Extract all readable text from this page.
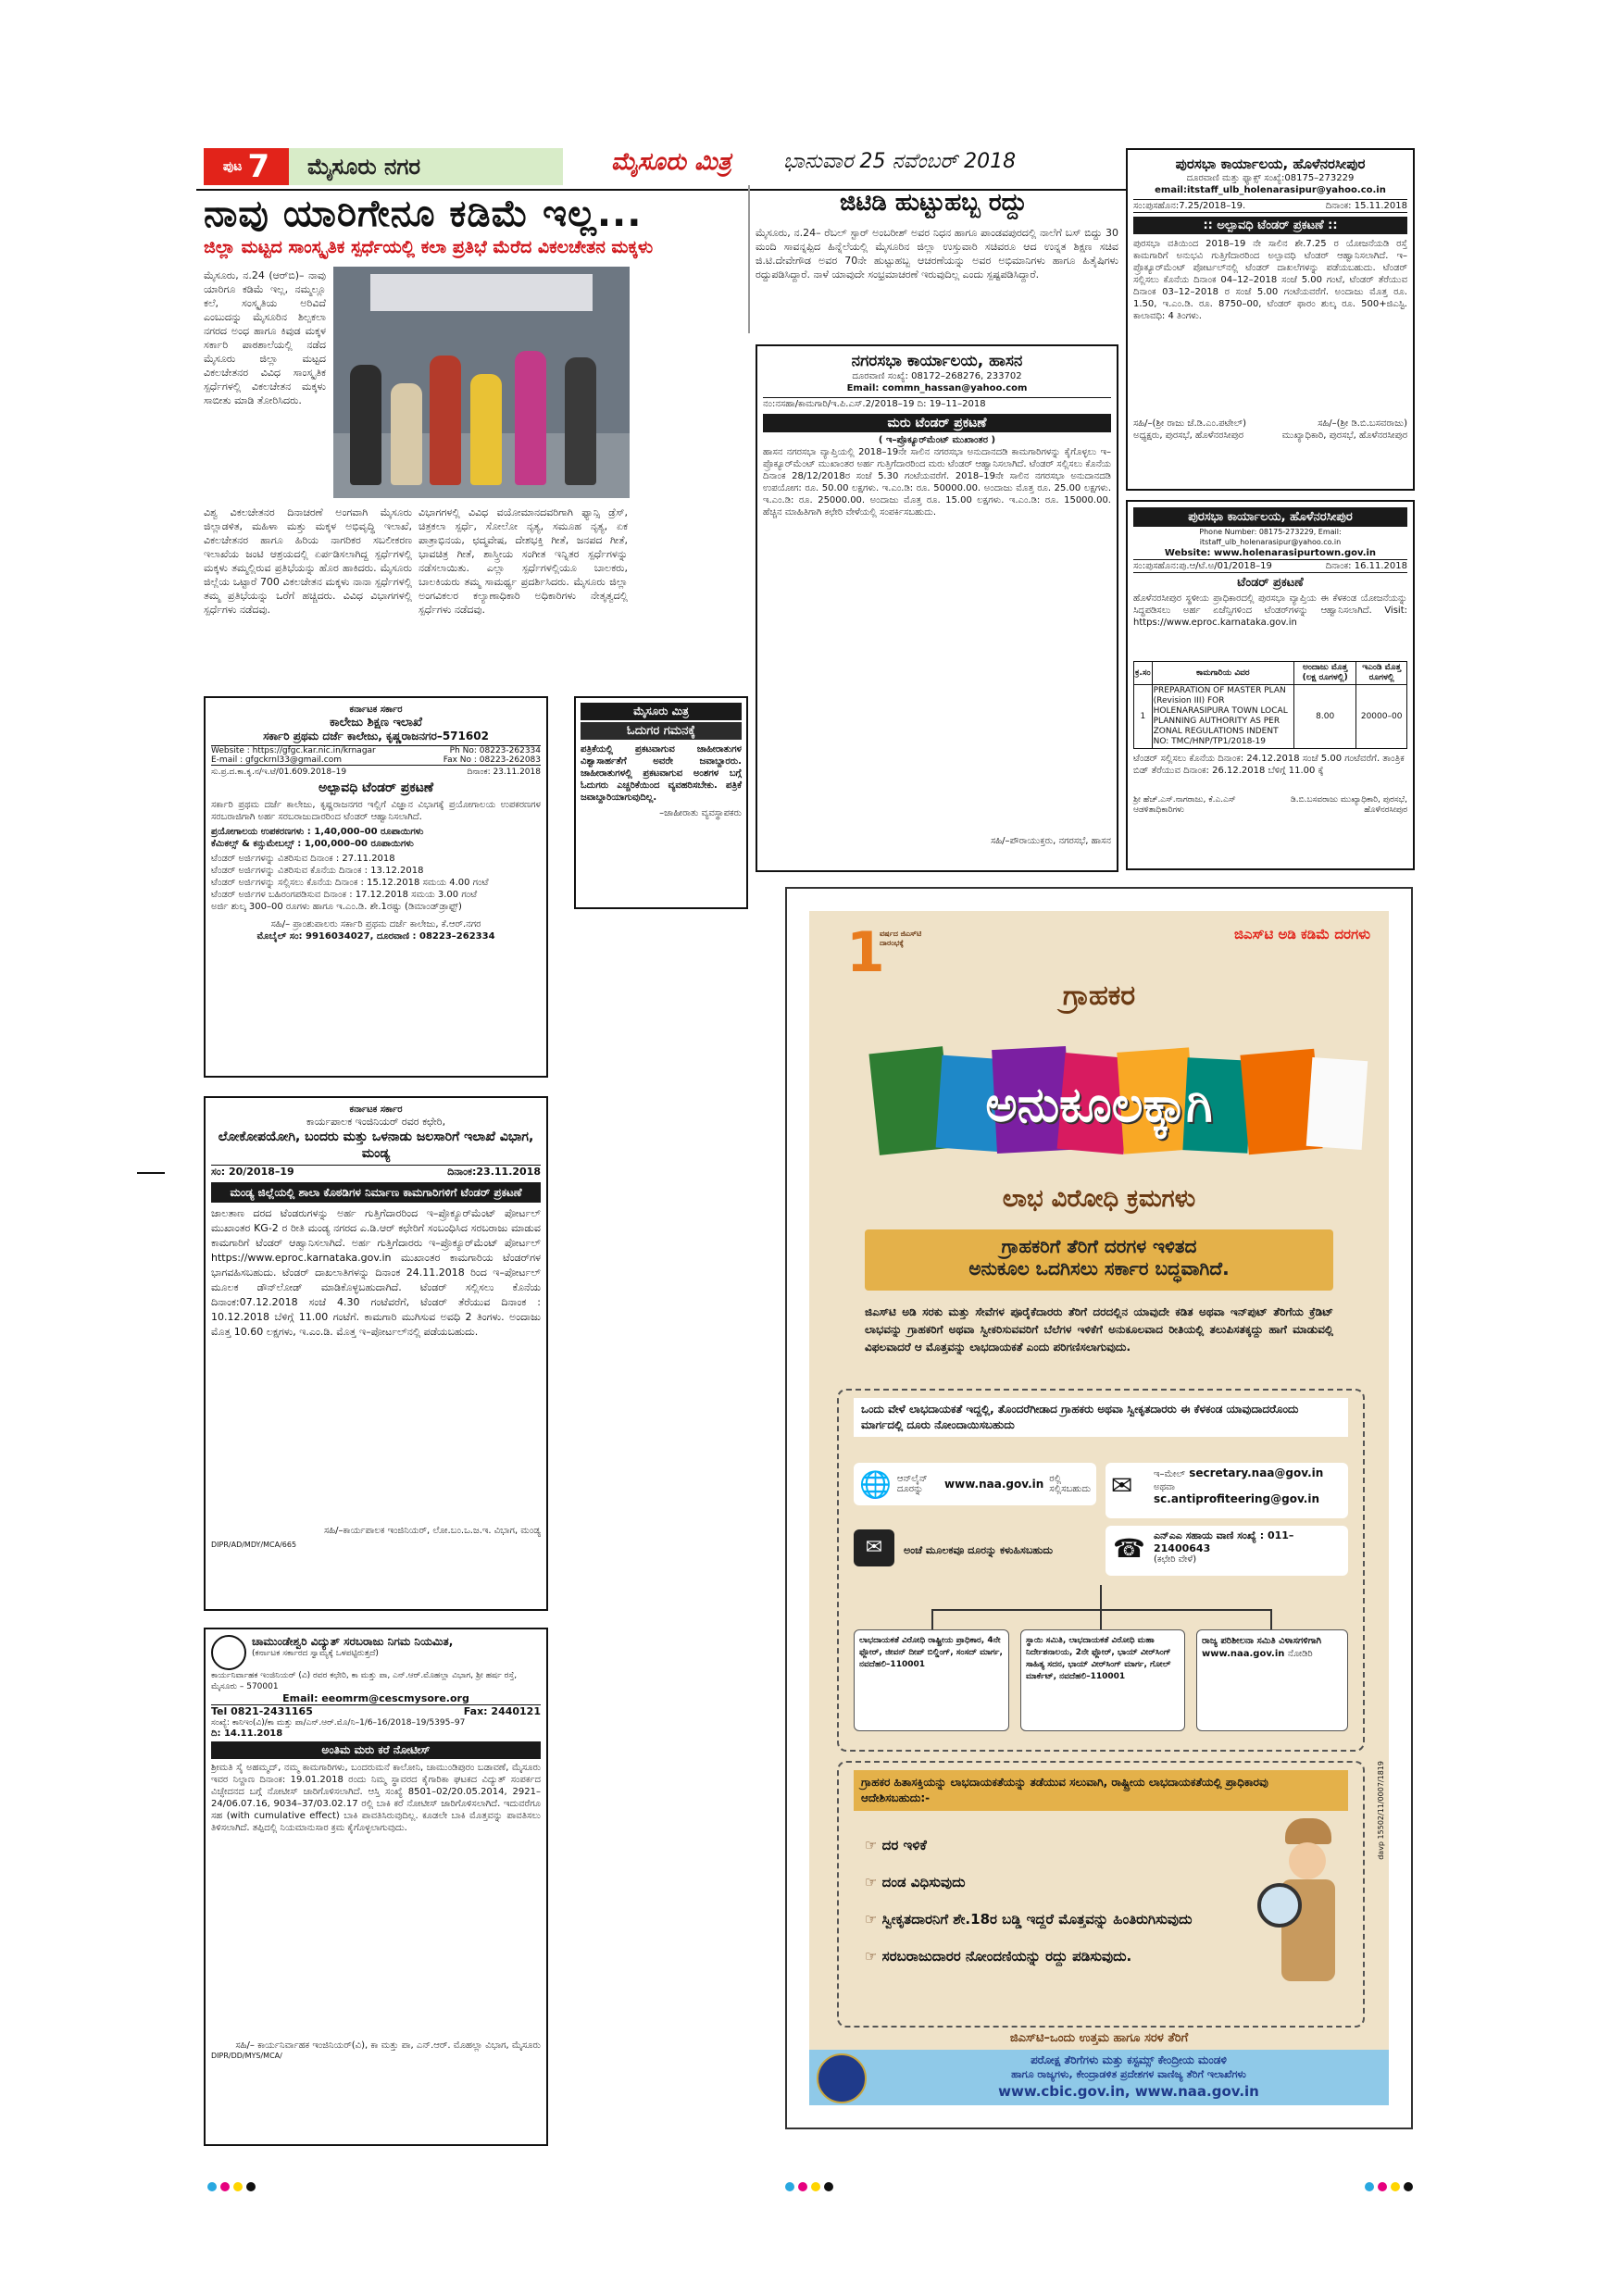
ಪುಟ 7	ಮೈಸೂರು ನಗರ	ಮೈಸೂರು ಮಿತ್ರ	ಭಾನುವಾರ 25 ನವೆಂಬರ್ 2018
ನಾವು ಯಾರಿಗೇನೂ ಕಡಿಮೆ ಇಲ್ಲ...
ಜಿಲ್ಲಾ ಮಟ್ಟದ ಸಾಂಸ್ಕೃತಿಕ ಸ್ಪರ್ಧೆಯಲ್ಲಿ ಕಲಾ ಪ್ರತಿಭೆ ಮೆರೆದ ವಿಕಲಚೇತನ ಮಕ್ಕಳು
ಮೈಸೂರು, ನ.24 (ಆರ್‌ಬಿ)– ನಾವು ಯಾರಿಗೂ ಕಡಿಮೆ ಇಲ್ಲ, ನಮ್ಮಲ್ಲೂ ಕಲೆ, ಸಂಸ್ಕೃತಿಯ ಅರಿವಿದೆ ಎಂಬುದನ್ನು ಮೈಸೂರಿನ ಶಿಲ್ಪಕಲಾ ನಗರದ ಅಂಧ ಹಾಗೂ ಕಿವುಡ ಮಕ್ಕಳ ಸರ್ಕಾರಿ ಪಾಠಶಾಲೆಯಲ್ಲಿ ನಡೆದ ಮೈಸೂರು ಜಿಲ್ಲಾ ಮಟ್ಟದ ವಿಕಲಚೇತನರ ವಿವಿಧ ಸಾಂಸ್ಕೃತಿಕ ಸ್ಪರ್ಧೆಗಳಲ್ಲಿ ವಿಕಲಚೇತನ ಮಕ್ಕಳು ಸಾಬೀತು ಮಾಡಿ ತೋರಿಸಿದರು.
ವಿಶ್ವ ವಿಕಲಚೇತನರ ದಿನಾಚರಣೆ ಅಂಗವಾಗಿ ಮೈಸೂರು ಜಿಲ್ಲಾಡಳಿತ, ಮಹಿಳಾ ಮತ್ತು ಮಕ್ಕಳ ಅಭಿವೃದ್ಧಿ ಇಲಾಖೆ, ವಿಕಲಚೇತನರ ಹಾಗೂ ಹಿರಿಯ ನಾಗರಿಕರ ಸಬಲೀಕರಣ ಇಲಾಖೆಯ ಜಂಟಿ ಆಶ್ರಯದಲ್ಲಿ ಏರ್ಪಡಿಸಲಾಗಿದ್ದ ಸ್ಪರ್ಧೆಗಳಲ್ಲಿ ಮಕ್ಕಳು ತಮ್ಮಲ್ಲಿರುವ ಪ್ರತಿಭೆಯನ್ನು ಹೊರ ಹಾಕಿದರು. ಮೈಸೂರು ಜಿಲ್ಲೆಯ ಒಟ್ಟಾರೆ 700 ವಿಕಲಚೇತನ ಮಕ್ಕಳು ನಾನಾ ಸ್ಪರ್ಧೆಗಳಲ್ಲಿ ತಮ್ಮ ಪ್ರತಿಭೆಯನ್ನು ಒರೆಗೆ ಹಚ್ಚಿದರು. ವಿವಿಧ ವಿಭಾಗಗಳಲ್ಲಿ ಸ್ಪರ್ಧೆಗಳು ನಡೆದವು.
ವಿಭಾಗಗಳಲ್ಲಿ ವಿವಿಧ ವಯೋಮಾನದವರಿಗಾಗಿ ಫ್ಯಾನ್ಸಿ ಡ್ರೆಸ್, ಚಿತ್ರಕಲಾ ಸ್ಪರ್ಧೆ, ಸೋಲೋ ನೃತ್ಯ, ಸಮೂಹ ನೃತ್ಯ, ಏಕ ಪಾತ್ರಾಭಿನಯ, ಛದ್ಮವೇಷ, ದೇಶಭಕ್ತಿ ಗೀತೆ, ಜನಪದ ಗೀತೆ, ಭಾವಚಿತ್ರ ಗೀತೆ, ಶಾಸ್ತ್ರೀಯ ಸಂಗೀತ ಇನ್ನಿತರ ಸ್ಪರ್ಧೆಗಳನ್ನು ನಡೆಸಲಾಯಿತು. ಎಲ್ಲಾ ಸ್ಪರ್ಧೆಗಳಲ್ಲಿಯೂ ಬಾಲಕರು, ಬಾಲಕಿಯರು ತಮ್ಮ ಸಾಮರ್ಥ್ಯ ಪ್ರದರ್ಶಿಸಿದರು. ಮೈಸೂರು ಜಿಲ್ಲಾ ಅಂಗವಿಕಲರ ಕಲ್ಯಾಣಾಧಿಕಾರಿ ಅಧಿಕಾರಿಗಳು ನೇತೃತ್ವದಲ್ಲಿ ಸ್ಪರ್ಧೆಗಳು ನಡೆದವು.
ಜಿಟಿಡಿ ಹುಟ್ಟುಹಬ್ಬ ರದ್ದು
ಮೈಸೂರು, ನ.24– ರೆಬಲ್ ಸ್ಟಾರ್ ಅಂಬರೀಶ್ ಅವರ ನಿಧನ ಹಾಗೂ ಪಾಂಡವಪುರದಲ್ಲಿ ನಾಲೆಗೆ ಬಸ್ ಬಿದ್ದು 30 ಮಂದಿ ಸಾವನ್ನಪ್ಪಿದ ಹಿನ್ನೆಲೆಯಲ್ಲಿ ಮೈಸೂರಿನ ಜಿಲ್ಲಾ ಉಸ್ತುವಾರಿ ಸಚಿವರೂ ಆದ ಉನ್ನತ ಶಿಕ್ಷಣ ಸಚಿವ ಜಿ.ಟಿ.ದೇವೇಗೌಡ ಅವರ 70ನೇ ಹುಟ್ಟುಹಬ್ಬ ಆಚರಣೆಯನ್ನು ಅವರ ಅಭಿಮಾನಿಗಳು ಹಾಗೂ ಹಿತೈಷಿಗಳು ರದ್ದುಪಡಿಸಿದ್ದಾರೆ. ನಾಳೆ ಯಾವುದೇ ಸಂಭ್ರಮಾಚರಣೆ ಇರುವುದಿಲ್ಲ ಎಂದು ಸ್ಪಷ್ಟಪಡಿಸಿದ್ದಾರೆ.
ಪುರಸಭಾ ಕಾರ್ಯಾಲಯ, ಹೊಳೆನರಸೀಪುರ
ದೂರವಾಣಿ ಮತ್ತು ಫ್ಯಾಕ್ಸ್ ಸಂಖ್ಯೆ:08175–273229
email:itstaff_ulb_holenarasipur@yahoo.co.in
ಸಂ:ಪುಸಹೊನ:7.25/2018–19.	ದಿನಾಂಕ: 15.11.2018
:: ಅಲ್ಪಾವಧಿ ಟೆಂಡರ್ ಪ್ರಕಟಣೆ ::
ಪುರಸಭಾ ವತಿಯಿಂದ 2018–19 ನೇ ಸಾಲಿನ ಶೇ.7.25 ರ ಯೋಜನೆಯಡಿ ರಸ್ತೆ ಕಾಮಗಾರಿಗೆ ಅನುಭವಿ ಗುತ್ತಿಗೆದಾರರಿಂದ ಅಲ್ಪಾವಧಿ ಟೆಂಡರ್ ಆಹ್ವಾನಿಸಲಾಗಿದೆ. ಇ–ಪ್ರೊಕ್ಯೂರ್‌ಮೆಂಟ್ ಪೋರ್ಟಲ್‌ನಲ್ಲಿ ಟೆಂಡರ್ ದಾಖಲೆಗಳನ್ನು ಪಡೆಯಬಹುದು. ಟೆಂಡರ್ ಸಲ್ಲಿಸಲು ಕೊನೆಯ ದಿನಾಂಕ 04–12–2018 ಸಂಜೆ 5.00 ಗಂಟೆ, ಟೆಂಡರ್ ತೆರೆಯುವ ದಿನಾಂಕ 03–12–2018 ರ ಸಂಜೆ 5.00 ಗಂಟೆಯವರೆಗೆ. ಅಂದಾಜು ಮೊತ್ತ ರೂ. 1.50, ಇ.ಎಂ.ಡಿ. ರೂ. 8750–00, ಟೆಂಡರ್ ಫಾರಂ ಶುಲ್ಕ ರೂ. 500+ಜಿಎಸ್ಟಿ. ಕಾಲಾವಧಿ: 4 ತಿಂಗಳು.
ಸಹಿ/–(ಶ್ರೀ ರಾಜು ಜೆ.ಡಿ.ಎಂ.ಪಟೇಲ್) ಅಧ್ಯಕ್ಷರು, ಪುರಸಭೆ, ಹೊಳೆನರಸೀಪುರ
ಸಹಿ/–(ಶ್ರೀ ಡಿ.ಬಿ.ಬಸವರಾಜು) ಮುಖ್ಯಾಧಿಕಾರಿ, ಪುರಸಭೆ, ಹೊಳೆನರಸೀಪುರ
ನಗರಸಭಾ ಕಾರ್ಯಾಲಯ, ಹಾಸನ
ದೂರವಾಣಿ ಸಂಖ್ಯೆ: 08172–268276, 233702
Email: commn_hassan@yahoo.com
ನಂ:ನಸಹಾ/ಕಾಮಗಾರಿ/ಇ.ಪಿ.ಎಸ್.2/2018–19 ದಿ: 19–11–2018
ಮರು ಟೆಂಡರ್ ಪ್ರಕಟಣೆ
( ಇ–ಪ್ರೊಕ್ಯೂರ್‌ಮೆಂಟ್ ಮುಖಾಂತರ )
ಹಾಸನ ನಗರಸಭಾ ವ್ಯಾಪ್ತಿಯಲ್ಲಿ 2018–19ನೇ ಸಾಲಿನ ನಗರಸಭಾ ಅನುದಾನದಡಿ ಕಾಮಗಾರಿಗಳನ್ನು ಕೈಗೊಳ್ಳಲು ಇ–ಪ್ರೊಕ್ಯೂರ್‌ಮೆಂಟ್ ಮುಖಾಂತರ ಅರ್ಹ ಗುತ್ತಿಗೆದಾರರಿಂದ ಮರು ಟೆಂಡರ್ ಆಹ್ವಾನಿಸಲಾಗಿದೆ. ಟೆಂಡರ್ ಸಲ್ಲಿಸಲು ಕೊನೆಯ ದಿನಾಂಕ 28/12/2018ರ ಸಂಜೆ 5.30 ಗಂಟೆಯವರೆಗೆ. 2018–19ನೇ ಸಾಲಿನ ನಗರಸಭಾ ಅನುದಾನದಡಿ ಉಪಯೋಗ: ರೂ. 50.00 ಲಕ್ಷಗಳು. ಇ.ಎಂ.ಡಿ: ರೂ. 50000.00. ಅಂದಾಜು ಮೊತ್ತ ರೂ. 25.00 ಲಕ್ಷಗಳು. ಇ.ಎಂ.ಡಿ: ರೂ. 25000.00. ಅಂದಾಜು ಮೊತ್ತ ರೂ. 15.00 ಲಕ್ಷಗಳು. ಇ.ಎಂ.ಡಿ: ರೂ. 15000.00. ಹೆಚ್ಚಿನ ಮಾಹಿತಿಗಾಗಿ ಕಛೇರಿ ವೇಳೆಯಲ್ಲಿ ಸಂಪರ್ಕಿಸಬಹುದು.
ಸಹಿ/–ಪೌರಾಯುಕ್ತರು, ನಗರಸಭೆ, ಹಾಸನ
ಪುರಸಭಾ ಕಾರ್ಯಾಲಯ, ಹೊಳೆನರಸೀಪುರ
Phone Number: 08175-273229, Email: itstaff_ulb_holenarasipur@yahoo.co.in
Website: www.holenarasipurtown.gov.in
ಸಂ:ಪುಸಹೊನ:ಪು.ಆ/ಟೆ.ಅ/01/2018–19	ದಿನಾಂಕ: 16.11.2018
ಟೆಂಡರ್ ಪ್ರಕಟಣೆ
ಹೊಳೆನರಸೀಪುರ ಸ್ಥಳೀಯ ಪ್ರಾಧಿಕಾರದಲ್ಲಿ ಪುರಸಭಾ ವ್ಯಾಪ್ತಿಯ ಈ ಕೆಳಕಂಡ ಯೋಜನೆಯನ್ನು ಸಿದ್ಧಪಡಿಸಲು ಅರ್ಹ ಏಜೆನ್ಸಿಗಳಿಂದ ಟೆಂಡರ್‌ಗಳನ್ನು ಆಹ್ವಾನಿಸಲಾಗಿದೆ. Visit: https://www.eproc.karnataka.gov.in
ಕ್ರ.ಸಂ	ಕಾಮಗಾರಿಯ ವಿವರ	ಅಂದಾಜು ಮೊತ್ತ (ಲಕ್ಷ ರೂಗಳಲ್ಲಿ)	ಇಎಂಡಿ ಮೊತ್ತ ರೂಗಳಲ್ಲಿ
1	PREPARATION OF MASTER PLAN (Revision III) FOR HOLENARASIPURA TOWN LOCAL PLANNING AUTHORITY AS PER ZONAL REGULATIONS INDENT NO: TMC/HNP/TP1/2018-19	8.00	20000–00
ಟೆಂಡರ್ ಸಲ್ಲಿಸಲು ಕೊನೆಯ ದಿನಾಂಕ: 24.12.2018 ಸಂಜೆ 5.00 ಗಂಟೆವರೆಗೆ. ತಾಂತ್ರಿಕ ಬಿಡ್ ತೆರೆಯುವ ದಿನಾಂಕ: 26.12.2018 ಬೆಳಿಗ್ಗೆ 11.00 ಕ್ಕೆ
ಶ್ರೀ ಹೆಚ್.ಎಸ್.ನಾಗರಾಜು, ಕೆ.ಎ.ಎಸ್ ಆಡಳಿತಾಧಿಕಾರಿಗಳು
ಡಿ.ಬಿ.ಬಸವರಾಜು ಮುಖ್ಯಾಧಿಕಾರಿ, ಪುರಸಭೆ, ಹೊಳೆನರಸೀಪುರ
ಕರ್ನಾಟಕ ಸರ್ಕಾರ
ಕಾಲೇಜು ಶಿಕ್ಷಣ ಇಲಾಖೆ
ಸರ್ಕಾರಿ ಪ್ರಥಮ ದರ್ಜೆ ಕಾಲೇಜು, ಕೃಷ್ಣರಾಜನಗರ–571602
Website : https://gfgc.kar.nic.in/krnagar	Ph No: 08223-262334
E-mail : gfgckrnl33@gmail.com	Fax No : 08223-262083
ಸು.ಪ್ರ.ದ.ಕಾ.ಕೃ.ನ/ಇ.ಟೆ/01.609.2018–19	ದಿನಾಂಕ: 23.11.2018
ಅಲ್ಪಾವಧಿ ಟೆಂಡರ್ ಪ್ರಕಟಣೆ
ಸರ್ಕಾರಿ ಪ್ರಥಮ ದರ್ಜೆ ಕಾಲೇಜು, ಕೃಷ್ಣರಾಜನಗರ ಇಲ್ಲಿಗೆ ವಿಜ್ಞಾನ ವಿಭಾಗಕ್ಕೆ ಪ್ರಯೋಗಾಲಯ ಉಪಕರಣಗಳ ಸರಬರಾಜಿಗಾಗಿ ಅರ್ಹ ಸರಬರಾಜುದಾರರಿಂದ ಟೆಂಡರ್ ಆಹ್ವಾನಿಸಲಾಗಿದೆ.
ಪ್ರಯೋಗಾಲಯ ಉಪಕರಣಗಳು : 1,40,000–00 ರೂಪಾಯಿಗಳು
ಕೆಮಿಕಲ್ಸ್ & ಕನ್ಸುಮೇಬಲ್ಸ್ : 1,00,000–00 ರೂಪಾಯಿಗಳು
ಟೆಂಡರ್ ಅರ್ಜಿಗಳನ್ನು ವಿತರಿಸುವ ದಿನಾಂಕ : 27.11.2018
ಟೆಂಡರ್ ಅರ್ಜಿಗಳನ್ನು ವಿತರಿಸುವ ಕೊನೆಯ ದಿನಾಂಕ : 13.12.2018
ಟೆಂಡರ್ ಅರ್ಜಿಗಳನ್ನು ಸಲ್ಲಿಸಲು ಕೊನೆಯ ದಿನಾಂಕ : 15.12.2018 ಸಮಯ 4.00 ಗಂಟೆ
ಟೆಂಡರ್ ಅರ್ಜಿಗಳ ಬಹಿರಂಗಪಡಿಸುವ ದಿನಾಂಕ : 17.12.2018 ಸಮಯ 3.00 ಗಂಟೆ
ಅರ್ಜಿ ಶುಲ್ಕ 300–00 ರೂಗಳು ಹಾಗೂ ಇ.ಎಂ.ಡಿ. ಶೇ.1ರಷ್ಟು (ಡಿಮಾಂಡ್‌ಡ್ರಾಫ್ಟ್)
ಸಹಿ/– ಪ್ರಾಂಶುಪಾಲರು ಸರ್ಕಾರಿ ಪ್ರಥಮ ದರ್ಜೆ ಕಾಲೇಜು, ಕೆ.ಆರ್.ನಗರ
ಮೊಬೈಲ್ ಸಂ: 9916034027, ದೂರವಾಣಿ : 08223–262334
ಮೈಸೂರು ಮಿತ್ರ
ಓದುಗರ ಗಮನಕ್ಕೆ
ಪತ್ರಿಕೆಯಲ್ಲಿ ಪ್ರಕಟವಾಗುವ ಜಾಹೀರಾತುಗಳ ವಿಶ್ವಾಸಾರ್ಹತೆಗೆ ಅವರೇ ಜವಾಬ್ದಾರರು. ಜಾಹೀರಾತುಗಳಲ್ಲಿ ಪ್ರಕಟವಾಗುವ ಅಂಶಗಳ ಬಗ್ಗೆ ಓದುಗರು ಎಚ್ಚರಿಕೆಯಿಂದ ವ್ಯವಹರಿಸಬೇಕು. ಪತ್ರಿಕೆ ಜವಾಬ್ದಾರಿಯಾಗುವುದಿಲ್ಲ.
–ಜಾಹೀರಾತು ವ್ಯವಸ್ಥಾಪಕರು
ಕರ್ನಾಟಕ ಸರ್ಕಾರ
ಕಾರ್ಯಪಾಲಕ ಇಂಜಿನಿಯರ್ ರವರ ಕಛೇರಿ,
ಲೋಕೋಪಯೋಗಿ, ಬಂದರು ಮತ್ತು ಒಳನಾಡು ಜಲಸಾರಿಗೆ ಇಲಾಖೆ ವಿಭಾಗ, ಮಂಡ್ಯ
ಸಂ: 20/2018–19	ದಿನಾಂಕ:23.11.2018
ಮಂಡ್ಯ ಜಿಲ್ಲೆಯಲ್ಲಿ ಶಾಲಾ ಕೊಠಡಿಗಳ ನಿರ್ಮಾಣ ಕಾಮಗಾರಿಗಳಿಗೆ ಟೆಂಡರ್ ಪ್ರಕಟಣೆ
ಜಾಲತಾಣ ದರದ ಟೆಂಡರುಗಳನ್ನು ಅರ್ಹ ಗುತ್ತಿಗೆದಾರರಿಂದ ಇ–ಪ್ರೊಕ್ಯೂರ್‌ಮೆಂಟ್ ಪೋರ್ಟಲ್ ಮುಖಾಂತರ KG-2 ರ ರೀತಿ ಮಂಡ್ಯ ನಗರದ ಎ.ಡಿ.ಆರ್ ಕಛೇರಿಗೆ ಸಂಬಂಧಿಸಿದ ಸರಬರಾಜು ಮಾಡುವ ಕಾಮಗಾರಿಗೆ ಟೆಂಡರ್ ಆಹ್ವಾನಿಸಲಾಗಿದೆ. ಅರ್ಹ ಗುತ್ತಿಗೆದಾರರು ಇ–ಪ್ರೊಕ್ಯೂರ್‌ಮೆಂಟ್ ಪೋರ್ಟಲ್ https://www.eproc.karnataka.gov.in ಮುಖಾಂತರ ಕಾಮಗಾರಿಯ ಟೆಂಡರ್‌ಗಳ ಭಾಗವಹಿಸಬಹುದು. ಟೆಂಡರ್ ದಾಖಲಾತಿಗಳನ್ನು ದಿನಾಂಕ 24.11.2018 ರಿಂದ ಇ–ಪೋರ್ಟಲ್ ಮೂಲಕ ಡೌನ್‌ಲೋಡ್ ಮಾಡಿಕೊಳ್ಳಬಹುದಾಗಿದೆ. ಟೆಂಡರ್ ಸಲ್ಲಿಸಲು ಕೊನೆಯ ದಿನಾಂಕ:07.12.2018 ಸಂಜೆ 4.30 ಗಂಟೆವರೆಗೆ, ಟೆಂಡರ್ ತೆರೆಯುವ ದಿನಾಂಕ : 10.12.2018 ಬೆಳಿಗ್ಗೆ 11.00 ಗಂಟೆಗೆ. ಕಾಮಗಾರಿ ಮುಗಿಸುವ ಅವಧಿ 2 ತಿಂಗಳು. ಅಂದಾಜು ಮೊತ್ತ 10.60 ಲಕ್ಷಗಳು, ಇ.ಎಂ.ಡಿ. ಮೊತ್ತ ಇ–ಪೋರ್ಟಲ್‌ನಲ್ಲಿ ಪಡೆಯಬಹುದು.
ಸಹಿ/–ಕಾರ್ಯಪಾಲಕ ಇಂಜಿನಿಯರ್, ಲೋ.ಬಂ.ಒ.ಜ.ಇ. ವಿಭಾಗ, ಮಂಡ್ಯ
DIPR/AD/MDY/MCA/665
ಚಾಮುಂಡೇಶ್ವರಿ ವಿದ್ಯುತ್ ಸರಬರಾಜು ನಿಗಮ ನಿಯಮಿತ,
(ಕರ್ನಾಟಕ ಸರ್ಕಾರದ ಸ್ವಾಮ್ಯಕ್ಕೆ ಒಳಪಟ್ಟಿರುತ್ತದೆ)
ಕಾರ್ಯನಿರ್ವಾಹಕ ಇಂಜಿನಿಯರ್ (ವಿ) ರವರ ಕಛೇರಿ, ಕಾ ಮತ್ತು ಪಾ, ಎನ್.ಆರ್.ಮೊಹಲ್ಲಾ ವಿಭಾಗ, ಶ್ರೀ ಹರ್ಷ ರಸ್ತೆ, ಮೈಸೂರು – 570001
Email: eeomrm@cescmysore.org
Tel 0821-2431165	Fax: 2440121
ಸಂಖ್ಯೆ: ಕಾನಿಇಂ(ವಿ)/ಕಾ ಮತ್ತು ಪಾ/ಎನ್.ಆರ್.ಮೊ/ನಿ–1/6–16/2018–19/5395–97
ದಿ: 14.11.2018
ಅಂತಿಮ ಮರು ಕರೆ ನೋಟೀಸ್
ಶ್ರೀಮತಿ ಸೈ ಅಹಮ್ಮದ್, ನಮ್ಮ ಕಾಮಗಾರಿಗಳು, ಬಂದರುಮನೆ ಕಾಲೋನಿ, ಚಾಮುಂಡಿಪುರಂ ಬಡಾವಣೆ, ಮೈಸೂರು ಇವರ ನಿಲ್ದಾಣ ದಿನಾಂಕ: 19.01.2018 ರಂದು ನಿಮ್ಮ ಸ್ಥಾವರದ ಕೈಗಾರಿಕಾ ಘಟಕದ ವಿದ್ಯುತ್ ಸಂಪರ್ಕದ ವಿಚ್ಛೇದನದ ಬಗ್ಗೆ ನೋಟೀಸ್ ಜಾರಿಗೊಳಿಸಲಾಗಿದೆ. ಆಸ್ತಿ ಸಂಖ್ಯೆ 8501–02/20.05.2014, 2921–24/06.07.16, 9034–37/03.02.17 ರಲ್ಲಿ ಬಾಕಿ ಕರೆ ನೋಟೀಸ್ ಜಾರಿಗೊಳಿಸಲಾಗಿದೆ. ಇದುವರೆಗೂ ಸಹ (with cumulative effect) ಬಾಕಿ ಪಾವತಿಸಿರುವುದಿಲ್ಲ. ಕೂಡಲೇ ಬಾಕಿ ಮೊತ್ತವನ್ನು ಪಾವತಿಸಲು ತಿಳಿಸಲಾಗಿದೆ. ತಪ್ಪಿದಲ್ಲಿ ನಿಯಮಾನುಸಾರ ಕ್ರಮ ಕೈಗೊಳ್ಳಲಾಗುವುದು.
ಸಹಿ/– ಕಾರ್ಯನಿರ್ವಾಹಕ ಇಂಜಿನಿಯರ್(ವಿ), ಕಾ ಮತ್ತು ಪಾ, ಎನ್.ಆರ್. ಮೊಹಲ್ಲಾ ವಿಭಾಗ, ಮೈಸೂರು
DIPR/DD/MYS/MCA/
1
ವರ್ಷದ ಜಿಎಸ್‌ಟಿ ದಾರಂಭಕ್ಕೆ
ಜಿಎಸ್‌ಟಿ ಅಡಿ ಕಡಿಮೆ ದರಗಳು
ಗ್ರಾಹಕರ
ಅನುಕೂಲಕ್ಕಾಗಿ
ಲಾಭ ವಿರೋಧಿ ಕ್ರಮಗಳು
ಗ್ರಾಹಕರಿಗೆ ತೆರಿಗೆ ದರಗಳ ಇಳಿತದ
ಅನುಕೂಲ ಒದಗಿಸಲು ಸರ್ಕಾರ ಬದ್ಧವಾಗಿದೆ.
ಜಿಎಸ್‌ಟಿ ಅಡಿ ಸರಕು ಮತ್ತು ಸೇವೆಗಳ ಪೂರೈಕೆದಾರರು ತೆರಿಗೆ ದರದಲ್ಲಿನ ಯಾವುದೇ ಕಡಿತ ಅಥವಾ ಇನ್‌ಪುಟ್ ತೆರಿಗೆಯ ಕ್ರೆಡಿಟ್ ಲಾಭವನ್ನು ಗ್ರಾಹಕರಿಗೆ ಅಥವಾ ಸ್ವೀಕರಿಸುವವರಿಗೆ ಬೆಲೆಗಳ ಇಳಿಕೆಗೆ ಅನುಕೂಲವಾದ ರೀತಿಯಲ್ಲಿ ತಲುಪಿಸತಕ್ಕದ್ದು ಹಾಗೆ ಮಾಡುವಲ್ಲಿ ವಿಫಲವಾದರೆ ಆ ಮೊತ್ತವನ್ನು ಲಾಭದಾಯಕತೆ ಎಂದು ಪರಿಗಣಿಸಲಾಗುವುದು.
ಒಂದು ವೇಳೆ ಲಾಭದಾಯಕತೆ ಇದ್ದಲ್ಲಿ, ತೊಂದರೆಗೀಡಾದ ಗ್ರಾಹಕರು ಅಥವಾ ಸ್ವೀಕೃತದಾರರು ಈ ಕೆಳಕಂಡ ಯಾವುದಾದರೊಂದು ಮಾರ್ಗದಲ್ಲಿ ದೂರು ನೋಂದಾಯಿಸಬಹುದು
🌐 ಆನ್‌ಲೈನ್ ದೂರನ್ನು	www.naa.gov.in ರಲ್ಲಿ ಸಲ್ಲಿಸಬಹುದು ✉ ಇ–ಮೇಲ್ secretary.naa@gov.in ಅಥವಾ
sc.antiprofiteering@gov.in
✉	☎ ಎನ್‌ಎಎ ಸಹಾಯ ವಾಣಿ ಸಂಖ್ಯೆ : 011–21400643
(ಕಛೇರಿ ವೇಳೆ)
ಅಂಚೆ ಮೂಲಕವೂ ದೂರನ್ನು ಕಳುಹಿಸಬಹುದು
ಲಾಭದಾಯಕತೆ ವಿರೋಧಿ ರಾಷ್ಟ್ರೀಯ ಪ್ರಾಧಿಕಾರ, 4ನೇ ಫ್ಲೋರ್, ಜೀವನ್ ದೀಪ್ ಬಿಲ್ಡಿಂಗ್, ಸಂಸದ್ ಮಾರ್ಗ, ನವದೆಹಲಿ–110001
ಸ್ಥಾಯಿ ಸಮಿತಿ, ಲಾಭದಾಯಕತೆ ವಿರೋಧಿ ಮಹಾ ನಿರ್ದೇಶನಾಲಯ, 2ನೇ ಫ್ಲೋರ್, ಭಾಯ್ ವೀರ್‌ಸಿಂಗ್ ಸಾಹಿತ್ಯ ಸದನ, ಭಾಯ್ ವೀರ್‌ಸಿಂಗ್ ಮಾರ್ಗ, ಗೋಲ್ ಮಾರ್ಕೆಟ್, ನವದೆಹಲಿ–110001
ರಾಜ್ಯ ಪರಿಶೀಲನಾ ಸಮಿತಿ ವಿಳಾಸಗಳಿಗಾಗಿ
www.naa.gov.in ನೋಡಿರಿ
ಗ್ರಾಹಕರ ಹಿತಾಸಕ್ತಿಯನ್ನು ಲಾಭದಾಯಕತೆಯನ್ನು ತಡೆಯುವ ಸಲುವಾಗಿ, ರಾಷ್ಟ್ರೀಯ ಲಾಭದಾಯಕತೆಯಲ್ಲಿ ಪ್ರಾಧಿಕಾರವು ಆದೇಶಿಸಬಹುದು:-
☞ ದರ ಇಳಿಕೆ
☞ ದಂಡ ವಿಧಿಸುವುದು
☞ ಸ್ವೀಕೃತದಾರನಿಗೆ ಶೇ.18ರ ಬಡ್ಡಿ ಇದ್ದರೆ ಮೊತ್ತವನ್ನು ಹಿಂತಿರುಗಿಸುವುದು
☞ ಸರಬರಾಜುದಾರರ ನೋಂದಣಿಯನ್ನು ರದ್ದು ಪಡಿಸುವುದು.
davp 15502/11/0007/1819
ಜಿಎಸ್‌ಟಿ–ಒಂದು ಉತ್ತಮ ಹಾಗೂ ಸರಳ ತೆರಿಗೆ
ಪರೋಕ್ಷ ತೆರಿಗೆಗಳು ಮತ್ತು ಕಸ್ಟಮ್ಸ್ ಕೇಂದ್ರೀಯ ಮಂಡಳಿ
ಹಾಗೂ ರಾಜ್ಯಗಳು, ಕೇಂದ್ರಾಡಳಿತ ಪ್ರದೇಶಗಳ ವಾಣಿಜ್ಯ ತೆರಿಗೆ ಇಲಾಖೆಗಳು
www.cbic.gov.in, www.naa.gov.in
